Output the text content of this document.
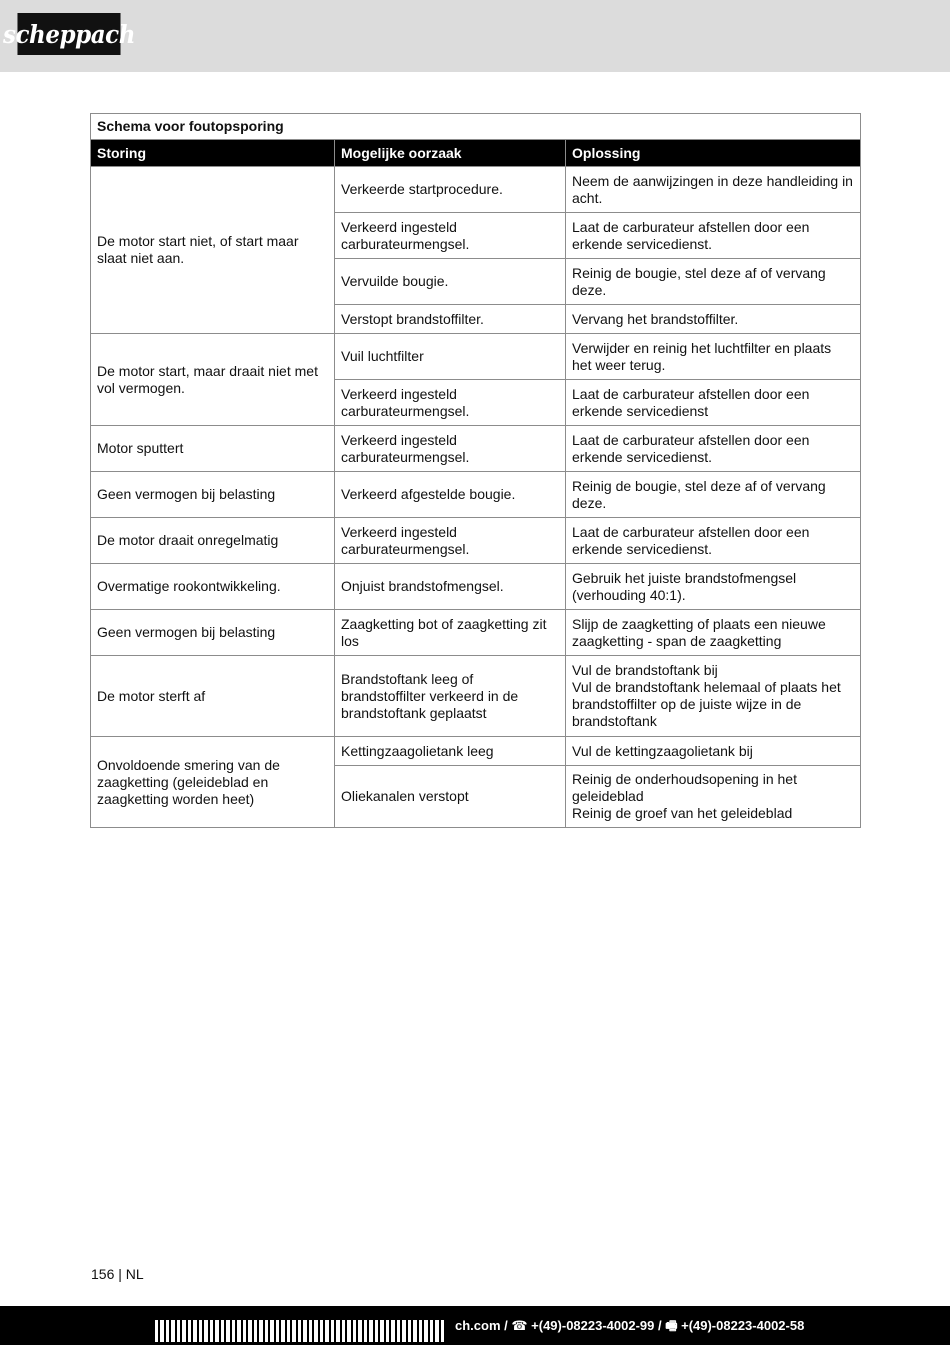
scheppach
Schema voor foutopsporing		
Storing	Mogelijke oorzaak	Oplossing
De motor start niet, of start maar slaat niet aan.	Verkeerde startprocedure.	Neem de aanwijzingen in deze handleiding in acht.
	Verkeerd ingesteld carburateurmengsel.	Laat de carburateur afstellen door een erkende servicedienst.
	Vervuilde bougie.	Reinig de bougie, stel deze af of vervang deze.
	Verstopt brandstoffilter.	Vervang het brandstoffilter.
De motor start, maar draait niet met vol vermogen.	Vuil luchtfilter	Verwijder en reinig het luchtfilter en plaats het weer terug.
	Verkeerd ingesteld carburateurmengsel.	Laat de carburateur afstellen door een erkende servicedienst
Motor sputtert	Verkeerd ingesteld carburateurmengsel.	Laat de carburateur afstellen door een erkende servicedienst.
Geen vermogen bij belasting	Verkeerd afgestelde bougie.	Reinig de bougie, stel deze af of vervang deze.
De motor draait onregelmatig	Verkeerd ingesteld carburateurmengsel.	Laat de carburateur afstellen door een erkende servicedienst.
Overmatige rookontwikkeling.	Onjuist brandstofmengsel.	Gebruik het juiste brandstofmengsel (verhouding 40:1).
Geen vermogen bij belasting	Zaagketting bot of zaagketting zit los	Slijp de zaagketting of plaats een nieuwe zaagketting - span de zaagketting
De motor sterft af	Brandstoftank leeg of brandstoffilter verkeerd in de brandstoftank geplaatst	Vul de brandstoftank bij
Vul de brandstoftank helemaal of plaats het brandstoffilter op de juiste wijze in de brandstoftank
Onvoldoende smering van de zaagketting (geleideblad en zaagketting worden heet)	Kettingzaagolietank leeg	Vul de kettingzaagolietank bij
	Oliekanalen verstopt	Reinig de onderhoudsopening in het geleideblad
Reinig de groef van het geleideblad
156 | NL
ch.com / ☎ +(49)-08223-4002-99 / 🖷 +(49)-08223-4002-58
